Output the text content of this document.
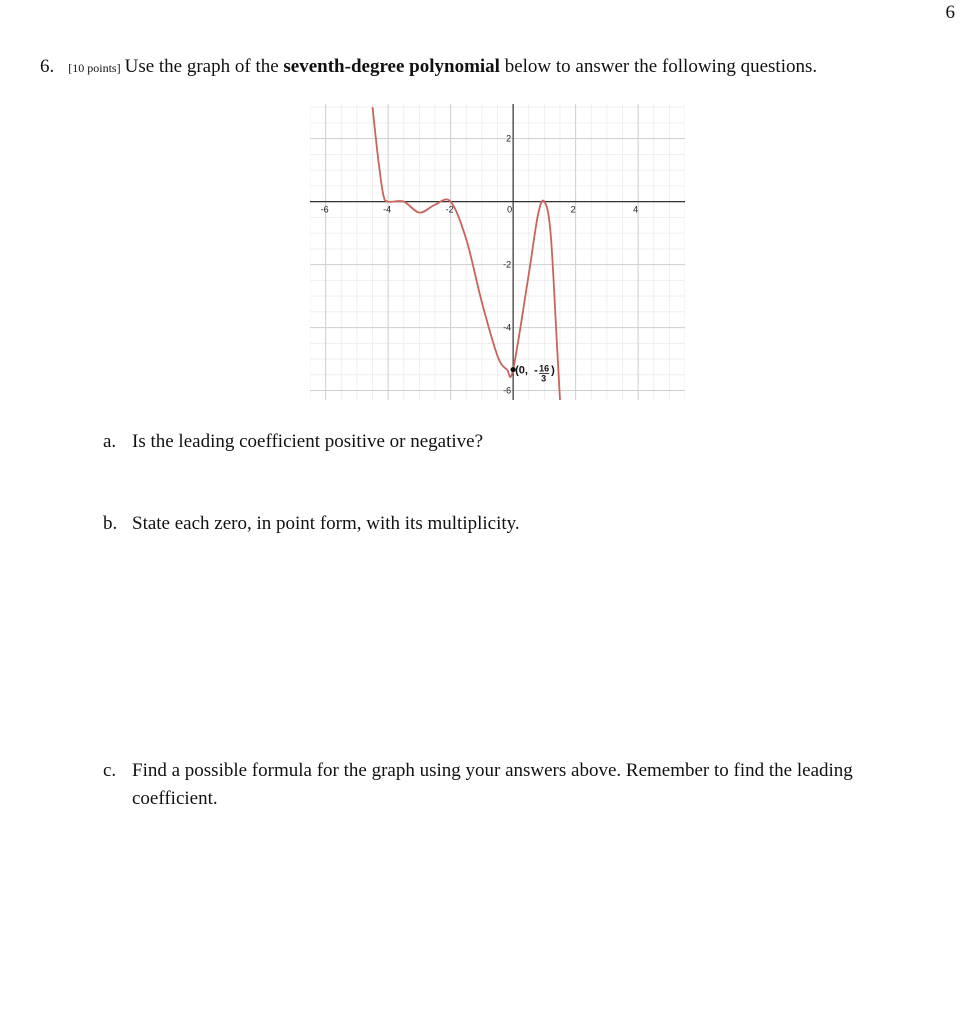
6
6. [10 points] Use the graph of the seventh-degree polynomial below to answer the following questions.
-6	-4	-2	0	2	4
2
-2
-4
-6
(0, - 16
3
)
a. Is the leading coefficient positive or negative?
b. State each zero, in point form, with its multiplicity.
c. Find a possible formula for the graph using your answers above. Remember to find the leading coefficient.
